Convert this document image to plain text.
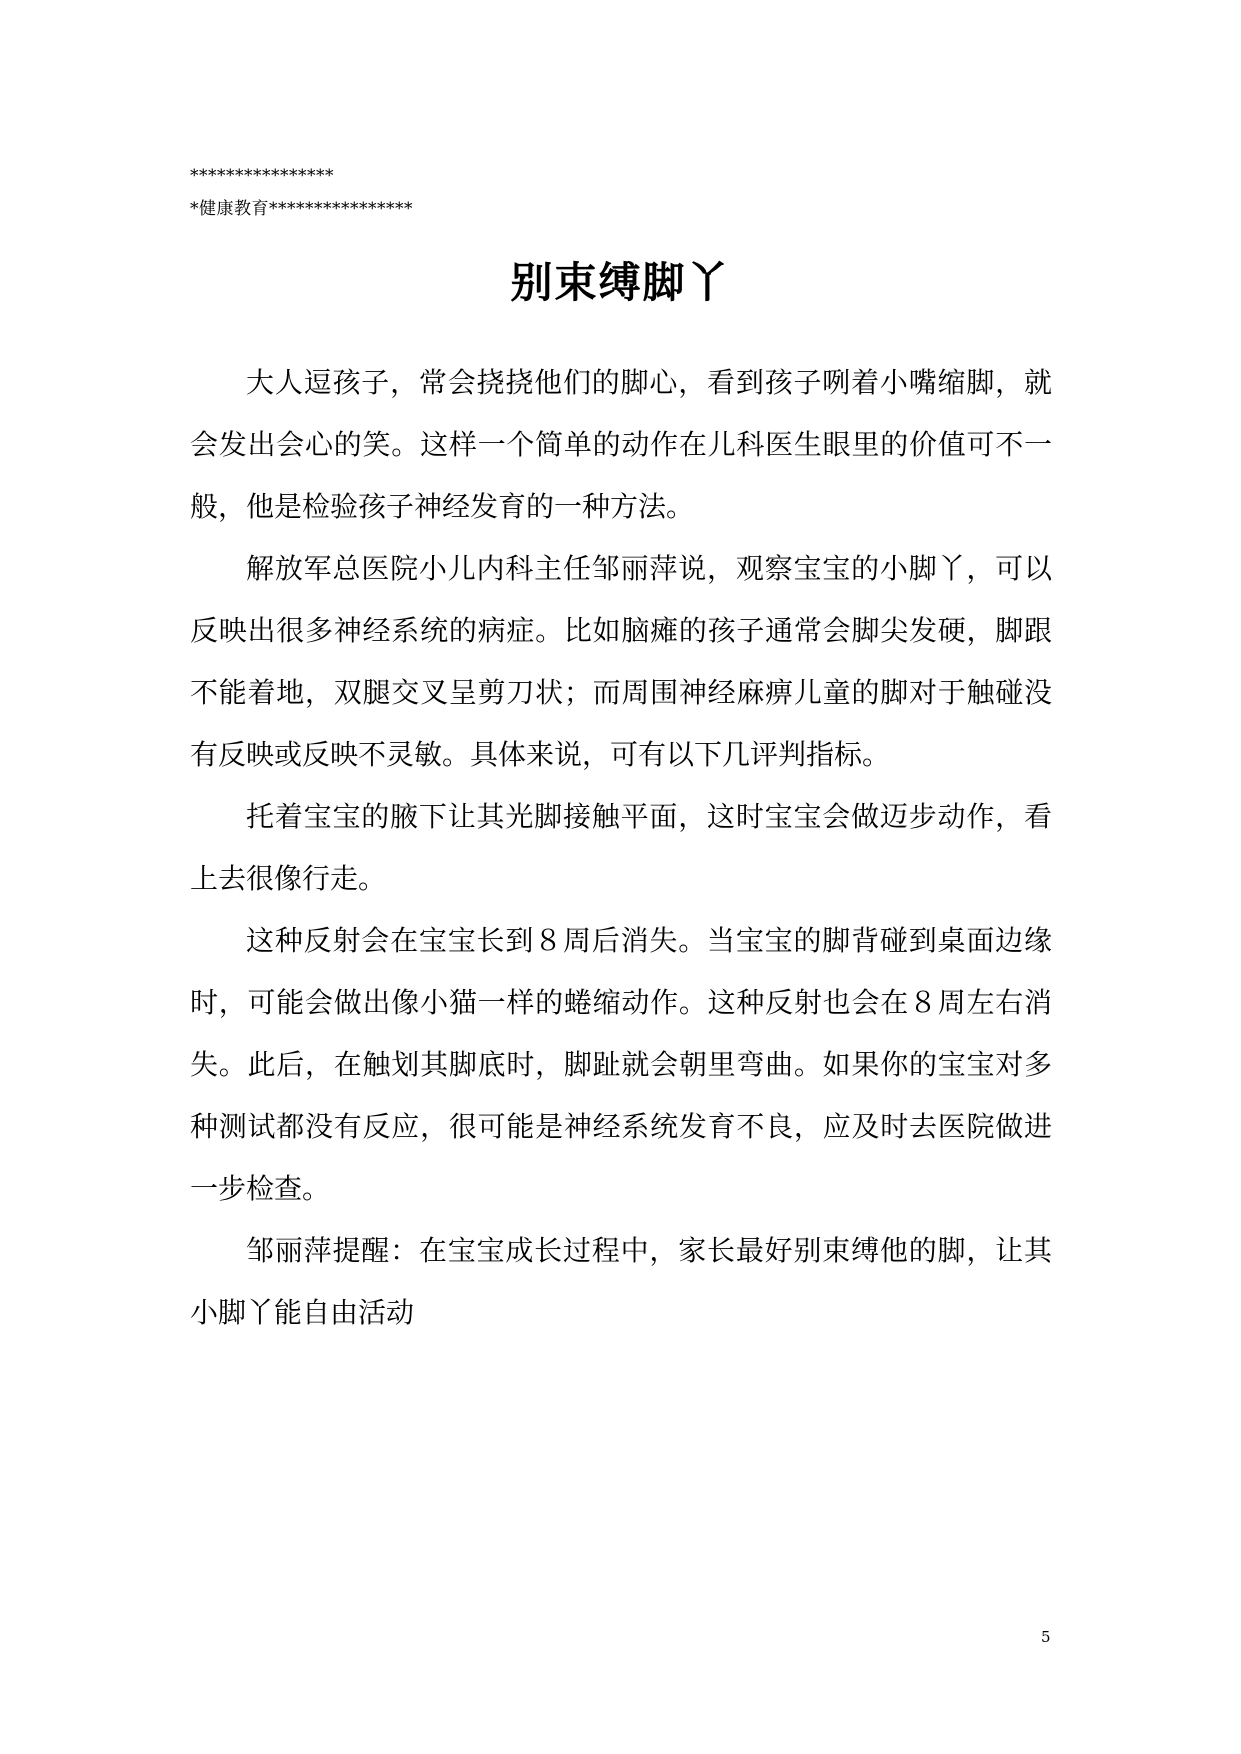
****************
*健康教育****************
别束缚脚丫

大人逗孩子，常会挠挠他们的脚心，看到孩子咧着小嘴缩脚，就会发出会心的笑。这样一个简单的动作在儿科医生眼里的价值可不一般，他是检验孩子神经发育的一种方法。

解放军总医院小儿内科主任邹丽萍说，观察宝宝的小脚丫，可以反映出很多神经系统的病症。比如脑瘫的孩子通常会脚尖发硬，脚跟不能着地，双腿交叉呈剪刀状；而周围神经麻痹儿童的脚对于触碰没有反映或反映不灵敏。具体来说，可有以下几评判指标。

托着宝宝的腋下让其光脚接触平面，这时宝宝会做迈步动作，看上去很像行走。

这种反射会在宝宝长到８周后消失。当宝宝的脚背碰到桌面边缘时，可能会做出像小猫一样的蜷缩动作。这种反射也会在８周左右消失。此后，在触划其脚底时，脚趾就会朝里弯曲。如果你的宝宝对多种测试都没有反应，很可能是神经系统发育不良，应及时去医院做进一步检查。

邹丽萍提醒：在宝宝成长过程中，家长最好别束缚他的脚，让其小脚丫能自由活动

5
